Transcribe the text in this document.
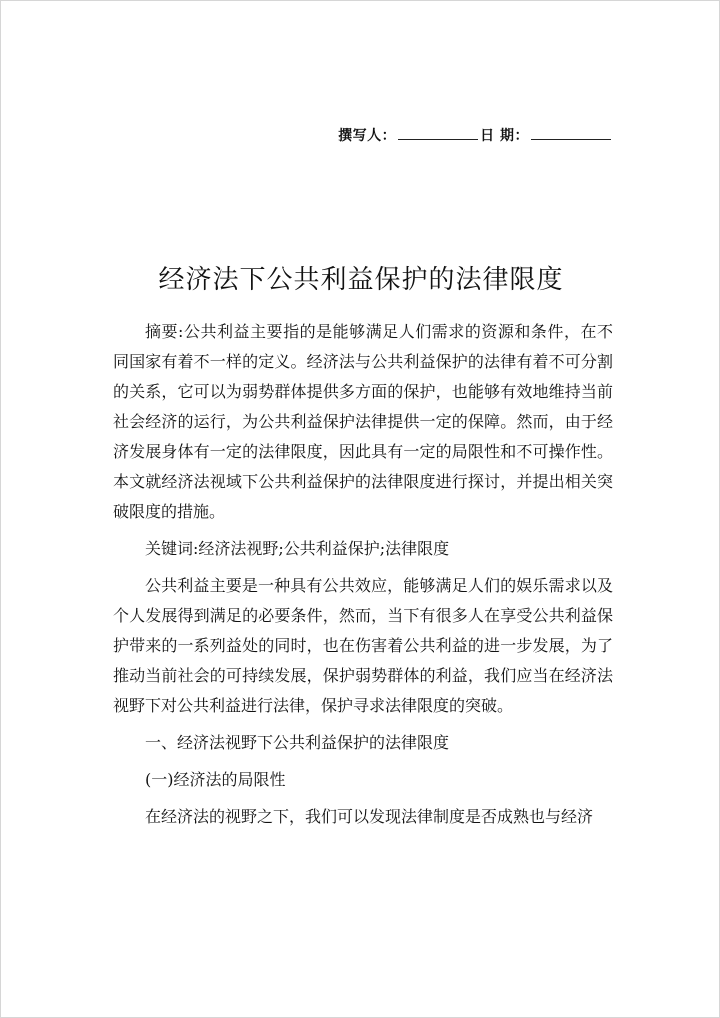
撰写人：	日 期：
经济法下公共利益保护的法律限度

摘要:公共利益主要指的是能够满足人们需求的资源和条件，在不同国家有着不一样的定义。经济法与公共利益保护的法律有着不可分割的关系，它可以为弱势群体提供多方面的保护，也能够有效地维持当前社会经济的运行，为公共利益保护法律提供一定的保障。然而，由于经济发展身体有一定的法律限度，因此具有一定的局限性和不可操作性。本文就经济法视域下公共利益保护的法律限度进行探讨，并提出相关突破限度的措施。

关键词:经济法视野;公共利益保护;法律限度

公共利益主要是一种具有公共效应，能够满足人们的娱乐需求以及个人发展得到满足的必要条件，然而，当下有很多人在享受公共利益保护带来的一系列益处的同时，也在伤害着公共利益的进一步发展，为了推动当前社会的可持续发展，保护弱势群体的利益，我们应当在经济法视野下对公共利益进行法律，保护寻求法律限度的突破。

一、经济法视野下公共利益保护的法律限度

(一)经济法的局限性

在经济法的视野之下，我们可以发现法律制度是否成熟也与经济
